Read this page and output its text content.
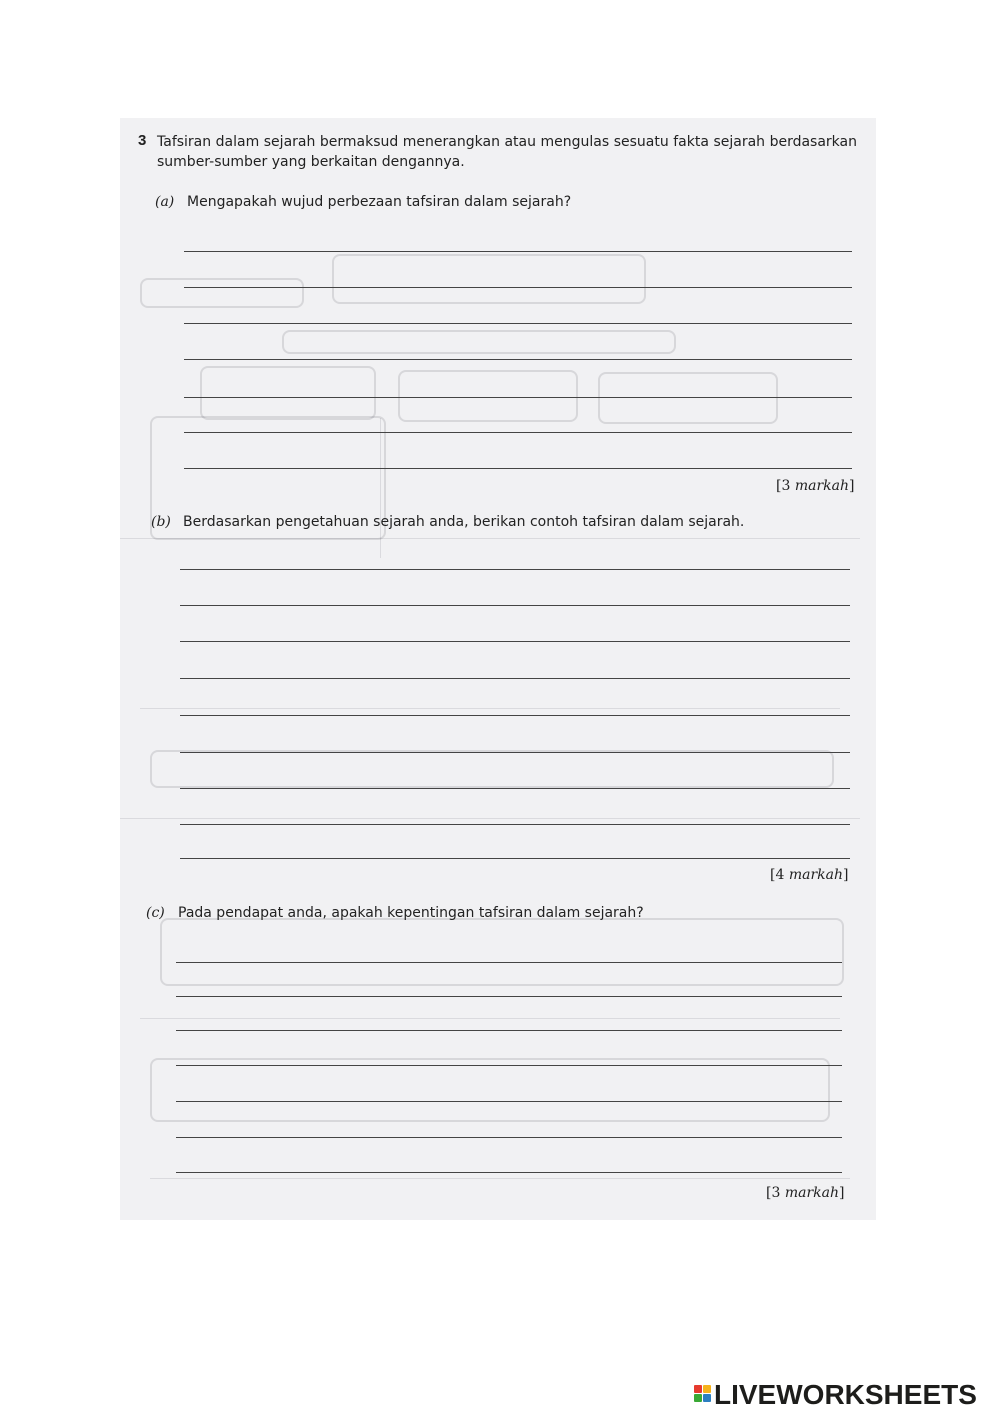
3 Tafsiran dalam sejarah bermaksud menerangkan atau mengulas sesuatu fakta sejarah berdasarkan sumber-sumber yang berkaitan dengannya.
(a) Mengapakah wujud perbezaan tafsiran dalam sejarah?
[3 markah]
(b) Berdasarkan pengetahuan sejarah anda, berikan contoh tafsiran dalam sejarah.
[4 markah]
(c) Pada pendapat anda, apakah kepentingan tafsiran dalam sejarah?
[3 markah]
LIVEWORKSHEETS
